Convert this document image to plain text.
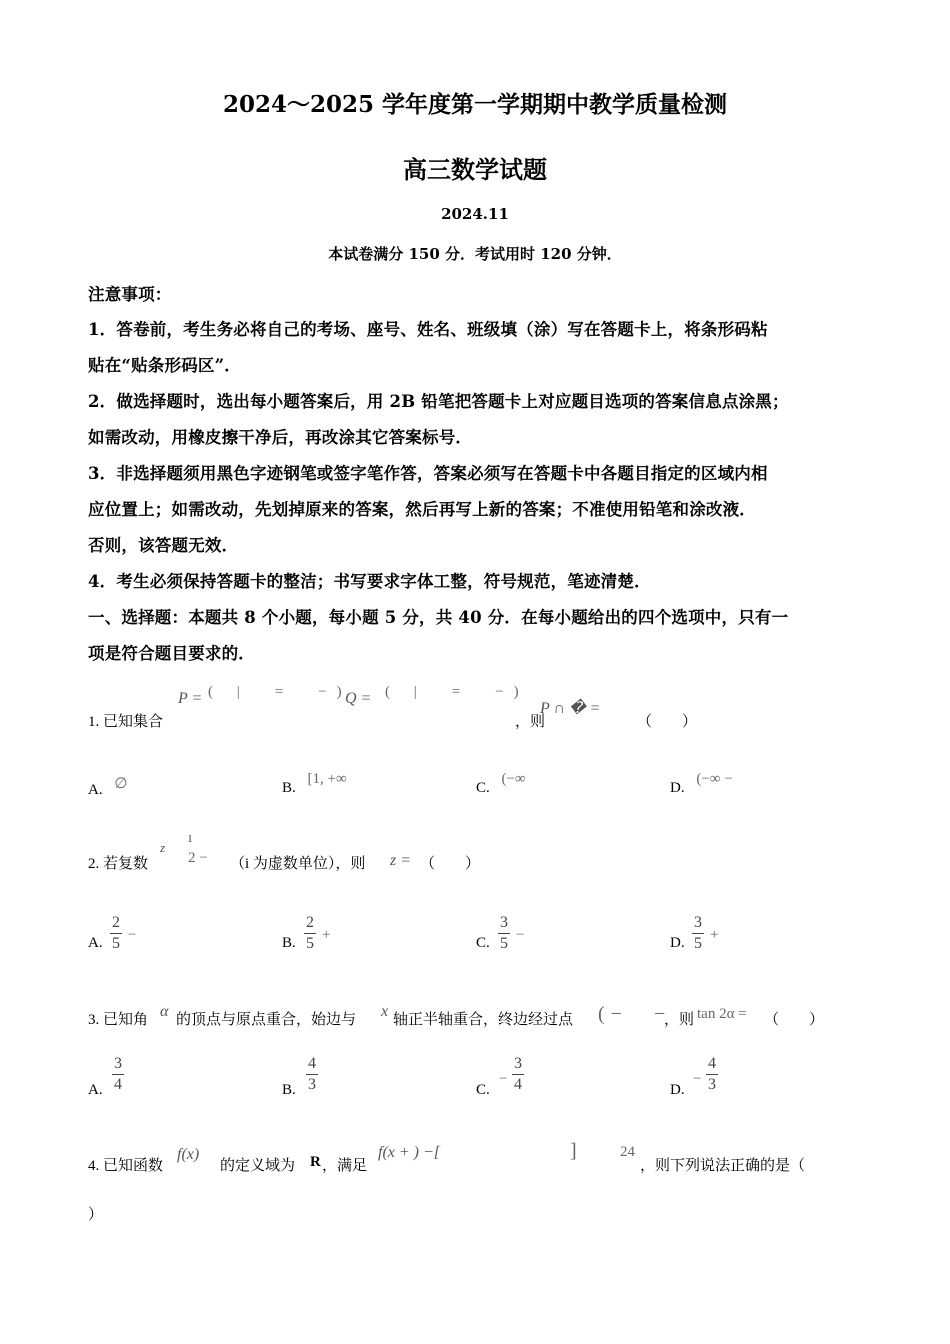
2024～2025 学年度第一学期期中教学质量检测
高三数学试题
2024.11
本试卷满分 150 分．考试用时 120 分钟．
注意事项：
1．答卷前，考生务必将自己的考场、座号、姓名、班级填（涂）写在答题卡上，将条形码粘
贴在“贴条形码区”．
2．做选择题时，选出每小题答案后，用 2B 铅笔把答题卡上对应题目选项的答案信息点涂黑；
如需改动，用橡皮擦干净后，再改涂其它答案标号．
3．非选择题须用黑色字迹钢笔或签字笔作答，答案必须写在答题卡中各题目指定的区域内相
应位置上；如需改动，先划掉原来的答案，然后再写上新的答案；不准使用铅笔和涂改液．
否则，该答题无效．
4．考生必须保持答题卡的整洁；书写要求字体工整，符号规范，笔迹清楚．
一、选择题：本题共 8 个小题，每小题 5 分，共 40 分．在每小题给出的四个选项中，只有一
项是符合题目要求的．
1. 已知集合
P = ( |　=　−)
Q = ( |　=　−)
，则
P ∩ � =
（　　）
A. ∅	B. [1, +∞
C. (−∞
D. (−∞ −
2. 若复数
z
ı
2 − （i 为虚数单位），则 z = （　　）
A.
2
5 −	B.
2
5 +	C.
3
5 −	D.
3
5 +
3. 已知角 α 的顶点与原点重合，始边与 x 轴正半轴重合，终边经过点 (−　−
，则 tan 2α = （　　）
A.
3
4	B.
4
3	C.
−
3
4	D.
−
4
3
4. 已知函数
f(x)
的定义域为 R ，满足
f(x + ) −[	]	24
，则下列说法正确的是（
）
